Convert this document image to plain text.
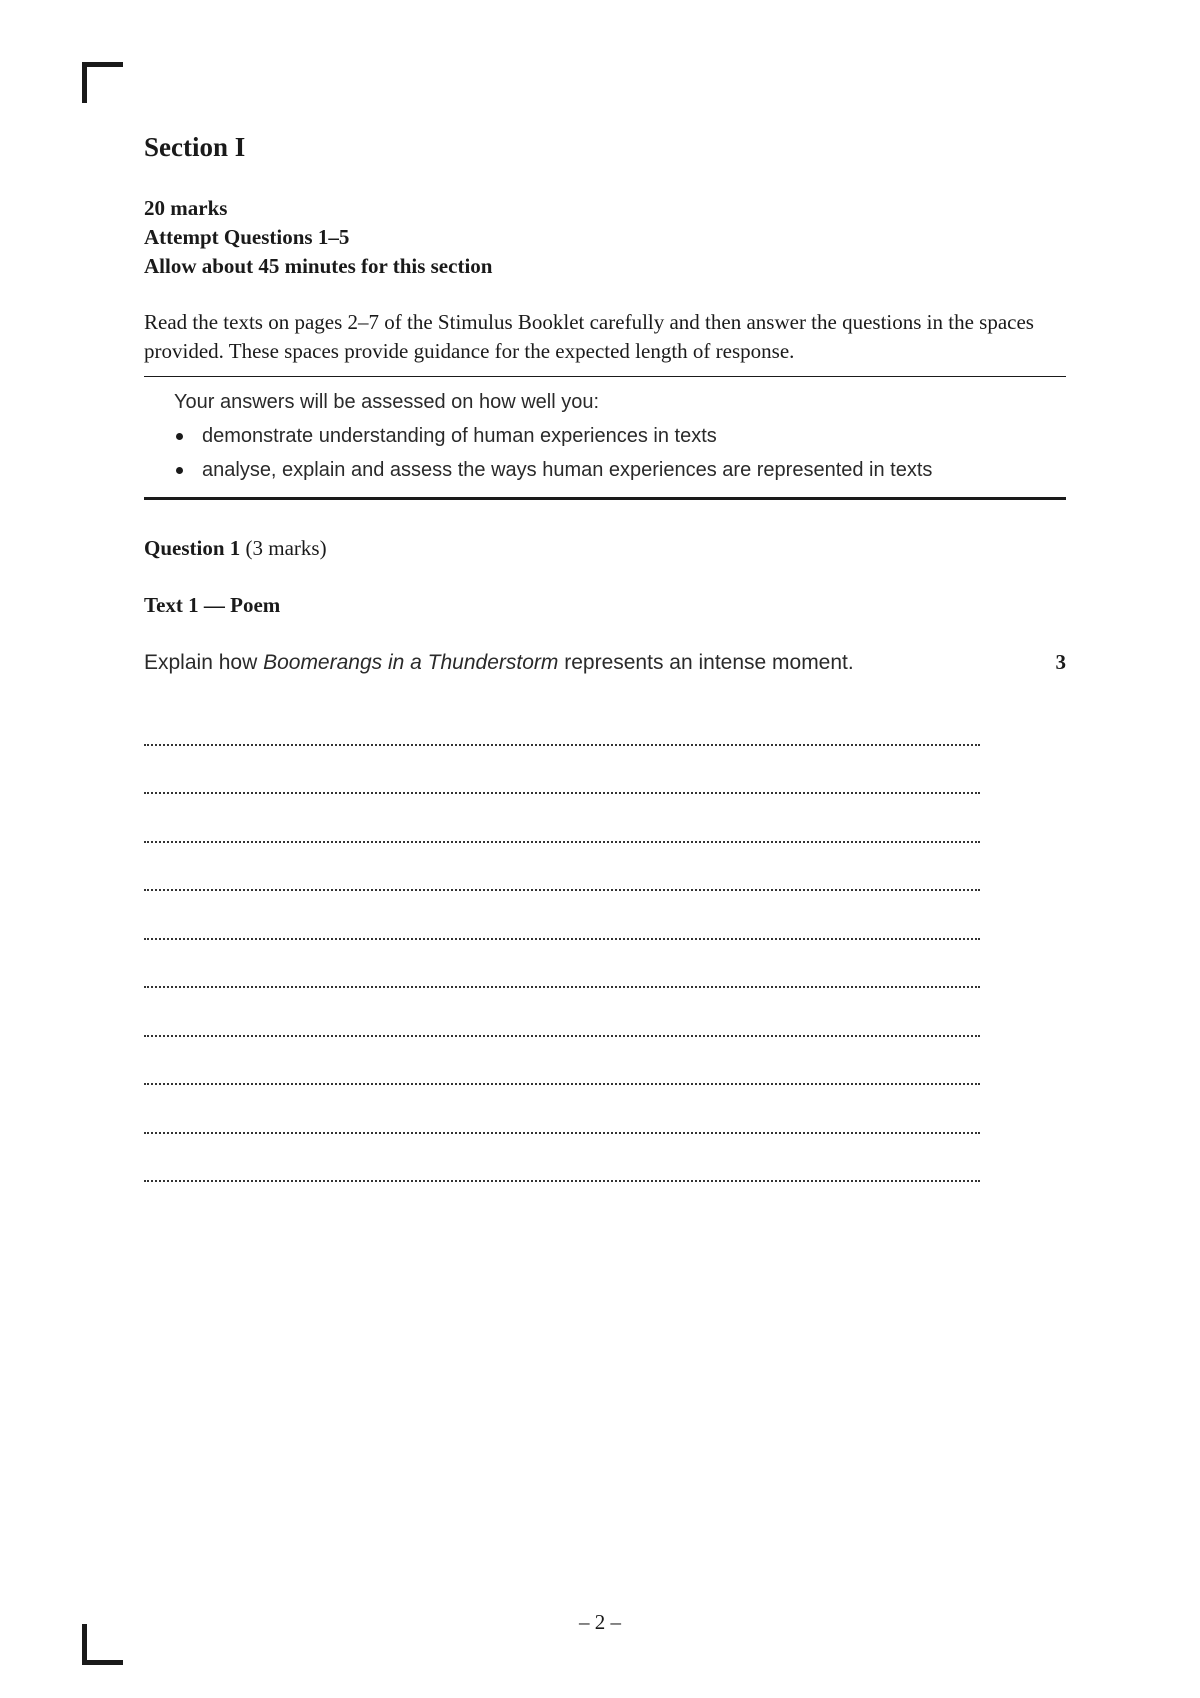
Section I
20 marks
Attempt Questions 1–5
Allow about 45 minutes for this section

Read the texts on pages 2–7 of the Stimulus Booklet carefully and then answer the questions in the spaces provided. These spaces provide guidance for the expected length of response.

Your answers will be assessed on how well you:
demonstrate understanding of human experiences in texts
analyse, explain and assess the ways human experiences are represented in texts
Question 1 (3 marks)
Text 1 — Poem
Explain how Boomerangs in a Thunderstorm represents an intense moment.	3
– 2 –
